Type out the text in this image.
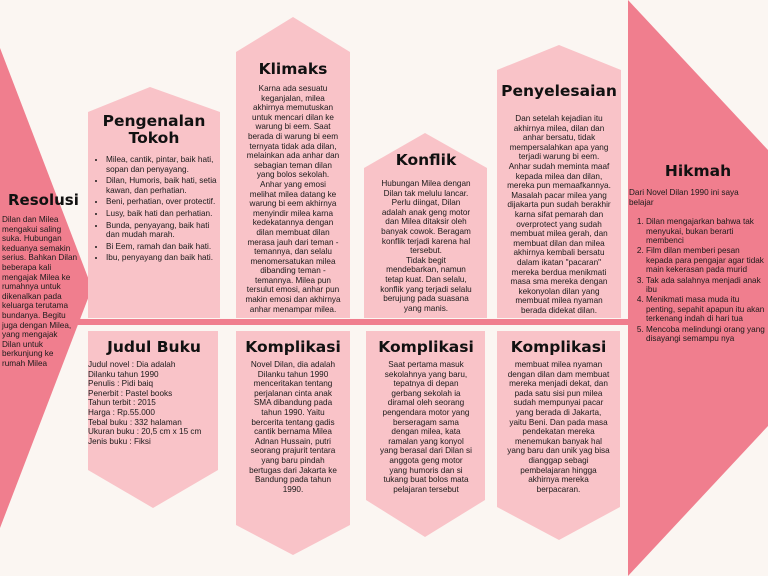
Resolusi
Dilan dan Milea
mengakui saling
suka. Hubungan
keduanya semakin
serius. Bahkan Dilan
beberapa kali
mengajak Milea ke
rumahnya untuk
dikenalkan pada
keluarga terutama
bundanya. Begitu
juga dengan Milea,
yang mengajak
Dilan untuk
berkunjung ke
rumah Milea
Pengenalan
Tokoh
• Milea, cantik, pintar, baik hati, sopan dan penyayang.
• Dilan, Humoris, baik hati, setia kawan, dan perhatian.
• Beni, perhatian, over protectif.
• Lusy, baik hati dan perhatian.
• Bunda, penyayang, baik hati dan mudah marah.
• Bi Eem, ramah dan baik hati.
• Ibu, penyayang dan baik hati.
Klimaks
Karna ada sesuatu
keganjalan, milea
akhirnya memutuskan
untuk mencari dilan ke
warung bi eem. Saat
berada di warung bi eem
ternyata tidak ada dilan,
melainkan ada anhar dan
sebagian teman dilan
yang bolos sekolah.
Anhar yang emosi
melihat milea datang ke
warung bi eem akhirnya
menyindir milea karna
kedekatannya dengan
dilan membuat dilan
merasa jauh dari teman -
temannya, dan selalu
menomersatukan milea
dibanding teman -
temannya. Milea pun
tersulut emosi, anhar pun
makin emosi dan akhirnya
anhar menampar milea.
Konflik
Hubungan Milea dengan
Dilan tak melulu lancar.
Perlu diingat, Dilan
adalah anak geng motor
dan Milea ditaksir oleh
banyak cowok. Beragam
konflik terjadi karena hal
tersebut.
Tidak begit
mendebarkan, namun
tetap kuat. Dan selalu,
konflik yang terjadi selalu
berujung pada suasana
yang manis.
Penyelesaian
Dan setelah kejadian itu
akhirnya milea, dilan dan
anhar bersatu, tidak
mempersalahkan apa yang
terjadi warung bi eem.
Anhar sudah meminta maaf
kepada milea dan dilan,
mereka pun memaafkannya.
Masalah pacar milea yang
dijakarta pun sudah berakhir
karna sifat pemarah dan
overprotect yang sudah
membuat milea gerah, dan
membuat dilan dan milea
akhirnya kembali bersatu
dalam ikatan "pacaran"
mereka berdua menikmati
masa sma mereka dengan
kekonyolan dilan yang
membuat milea nyaman
berada didekat dilan.
Hikmah
Dari Novel Dilan 1990 ini saya
belajar
1. Dilan mengajarkan bahwa tak menyukai, bukan berarti membenci
2. Film dilan memberi pesan kepada para pengajar agar tidak main kekerasan pada murid
3. Tak ada salahnya menjadi anak ibu
4. Menikmati masa muda itu penting, sepahit apapun itu akan terkenang indah di hari tua
5. Mencoba melindungi orang yang disayangi semampu nya
Judul Buku
Judul novel : Dia adalah
Dilanku tahun 1990
Penulis : Pidi baiq
Penerbit : Pastel books
Tahun terbit : 2015
Harga : Rp.55.000
Tebal buku : 332 halaman
Ukuran buku : 20,5 cm x 15 cm
Jenis buku : Fiksi
Komplikasi
Novel Dilan, dia adalah
Dilanku tahun 1990
menceritakan tentang
perjalanan cinta anak
SMA dibandung pada
tahun 1990. Yaitu
bercerita tentang gadis
cantik bernama Milea
Adnan Hussain, putri
seorang prajurit tentara
yang baru pindah
bertugas dari Jakarta ke
Bandung pada tahun
1990.
Komplikasi
Saat pertama masuk
sekolahnya yang baru,
tepatnya di depan
gerbang sekolah ia
diramal oleh seorang
pengendara motor yang
berseragam sama
dengan milea, kata
ramalan yang konyol
yang berasal dari Dilan si
anggota geng motor
yang humoris dan si
tukang buat bolos mata
pelajaran tersebut
Komplikasi
membuat milea nyaman
dengan dilan dam membuat
mereka menjadi dekat, dan
pada satu sisi pun milea
sudah mempunyai pacar
yang berada di Jakarta,
yaitu Beni. Dan pada masa
pendekatan mereka
menemukan banyak hal
yang baru dan unik yag bisa
dianggap sebagi
pembelajaran hingga
akhirnya mereka
berpacaran.
